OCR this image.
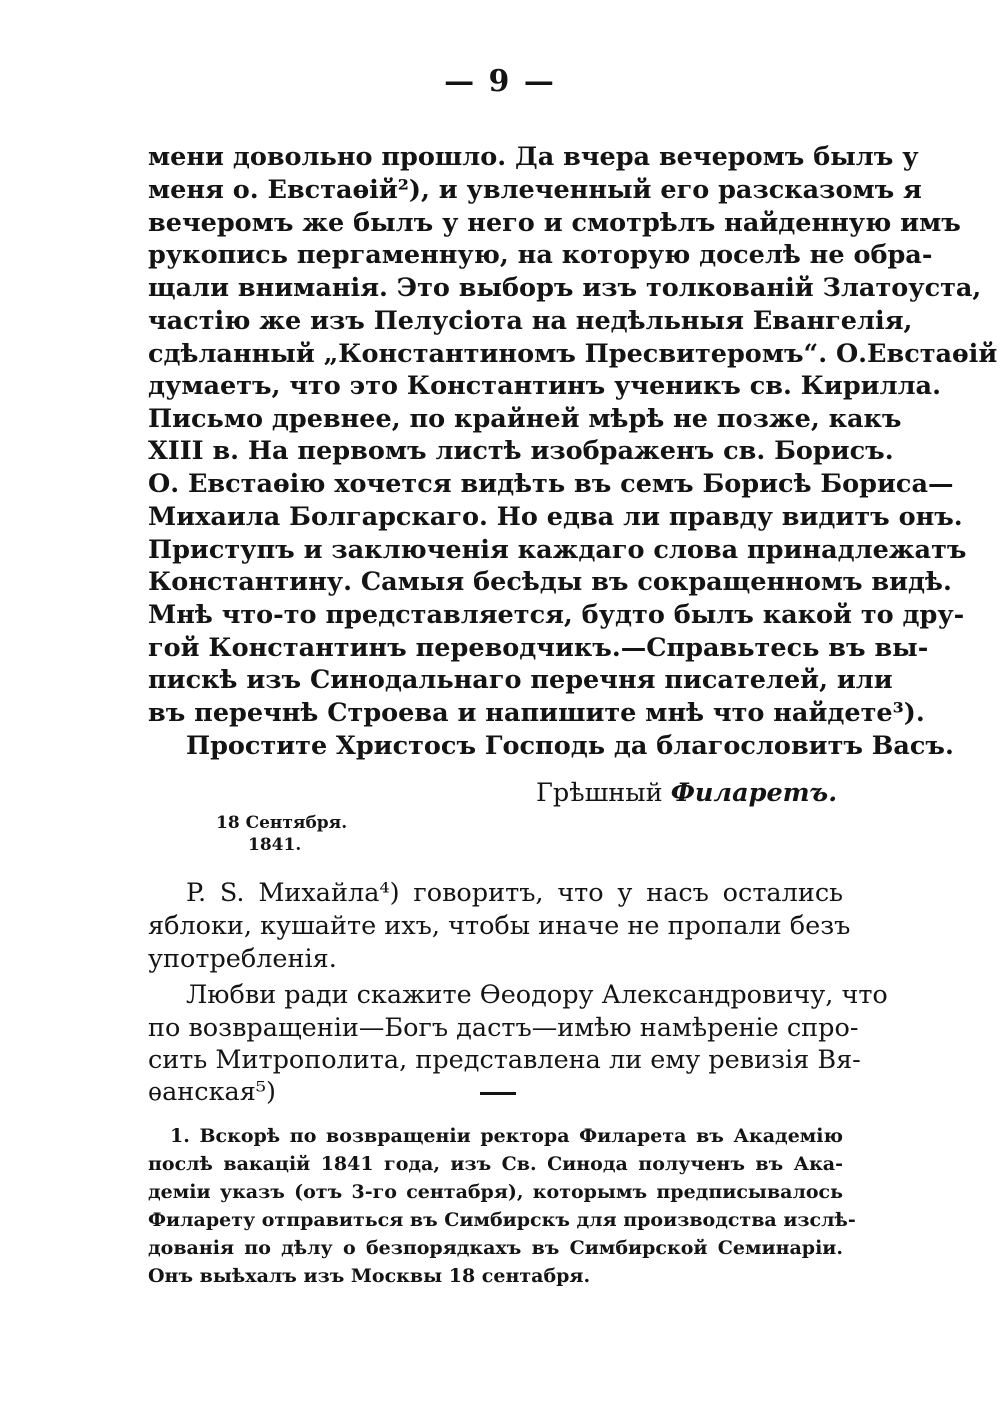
— 9 —
мени довольно прошло. Да вчера вечеромъ былъ у
меня о. Евстаѳій²), и увлеченный его разсказомъ я
вечеромъ же былъ у него и смотрѣлъ найденную имъ
рукопись пергаменную, на которую доселѣ не обра-
щали вниманія. Это выборъ изъ толкованій Златоуста,
частію же изъ Пелусіота на недѣльныя Евангелія,
сдѣланный „Константиномъ Пресвитеромъ“. О.Евстаѳій
думаетъ, что это Константинъ ученикъ св. Кирилла.
Письмо древнее, по крайней мѣрѣ не позже, какъ
XIII в. На первомъ листѣ изображенъ св. Борисъ.
О. Евстаѳію хочется видѣть въ семъ Борисѣ Бориса—
Михаила Болгарскаго. Но едва ли правду видитъ онъ.
Приступъ и заключенія каждаго слова принадлежатъ
Константину. Самыя бесѣды въ сокращенномъ видѣ.
Мнѣ что-то представляется, будто былъ какой то дру-
гой Константинъ переводчикъ.—Справьтесь въ вы-
пискѣ изъ Синодальнаго перечня писателей, или
въ перечнѣ Строева и напишите мнѣ что найдете³).
Простите Христосъ Господь да благословитъ Васъ.
Грѣшный Филаретъ.
18 Сентября.
1841.
P. S. Михайла⁴) говоритъ, что у насъ остались
яблоки, кушайте ихъ, чтобы иначе не пропали безъ
употребленія.
Любви ради скажите Ѳеодору Александровичу, что
по возвращеніи—Богъ дастъ—имѣю намѣреніе спро-
сить Митрополита, представлена ли ему ревизія Вя-
ѳанская⁵)
1. Вскорѣ по возвращеніи ректора Филарета въ Академію
послѣ вакацій 1841 года, изъ Св. Синода полученъ въ Ака-
деміи указъ (отъ 3-го сентабря), которымъ предписывалось
Филарету отправиться въ Симбирскъ для производства изслѣ-
дованія по дѣлу о безпорядкахъ въ Симбирской Семинаріи.
Онъ выѣхалъ изъ Москвы 18 сентабря.
